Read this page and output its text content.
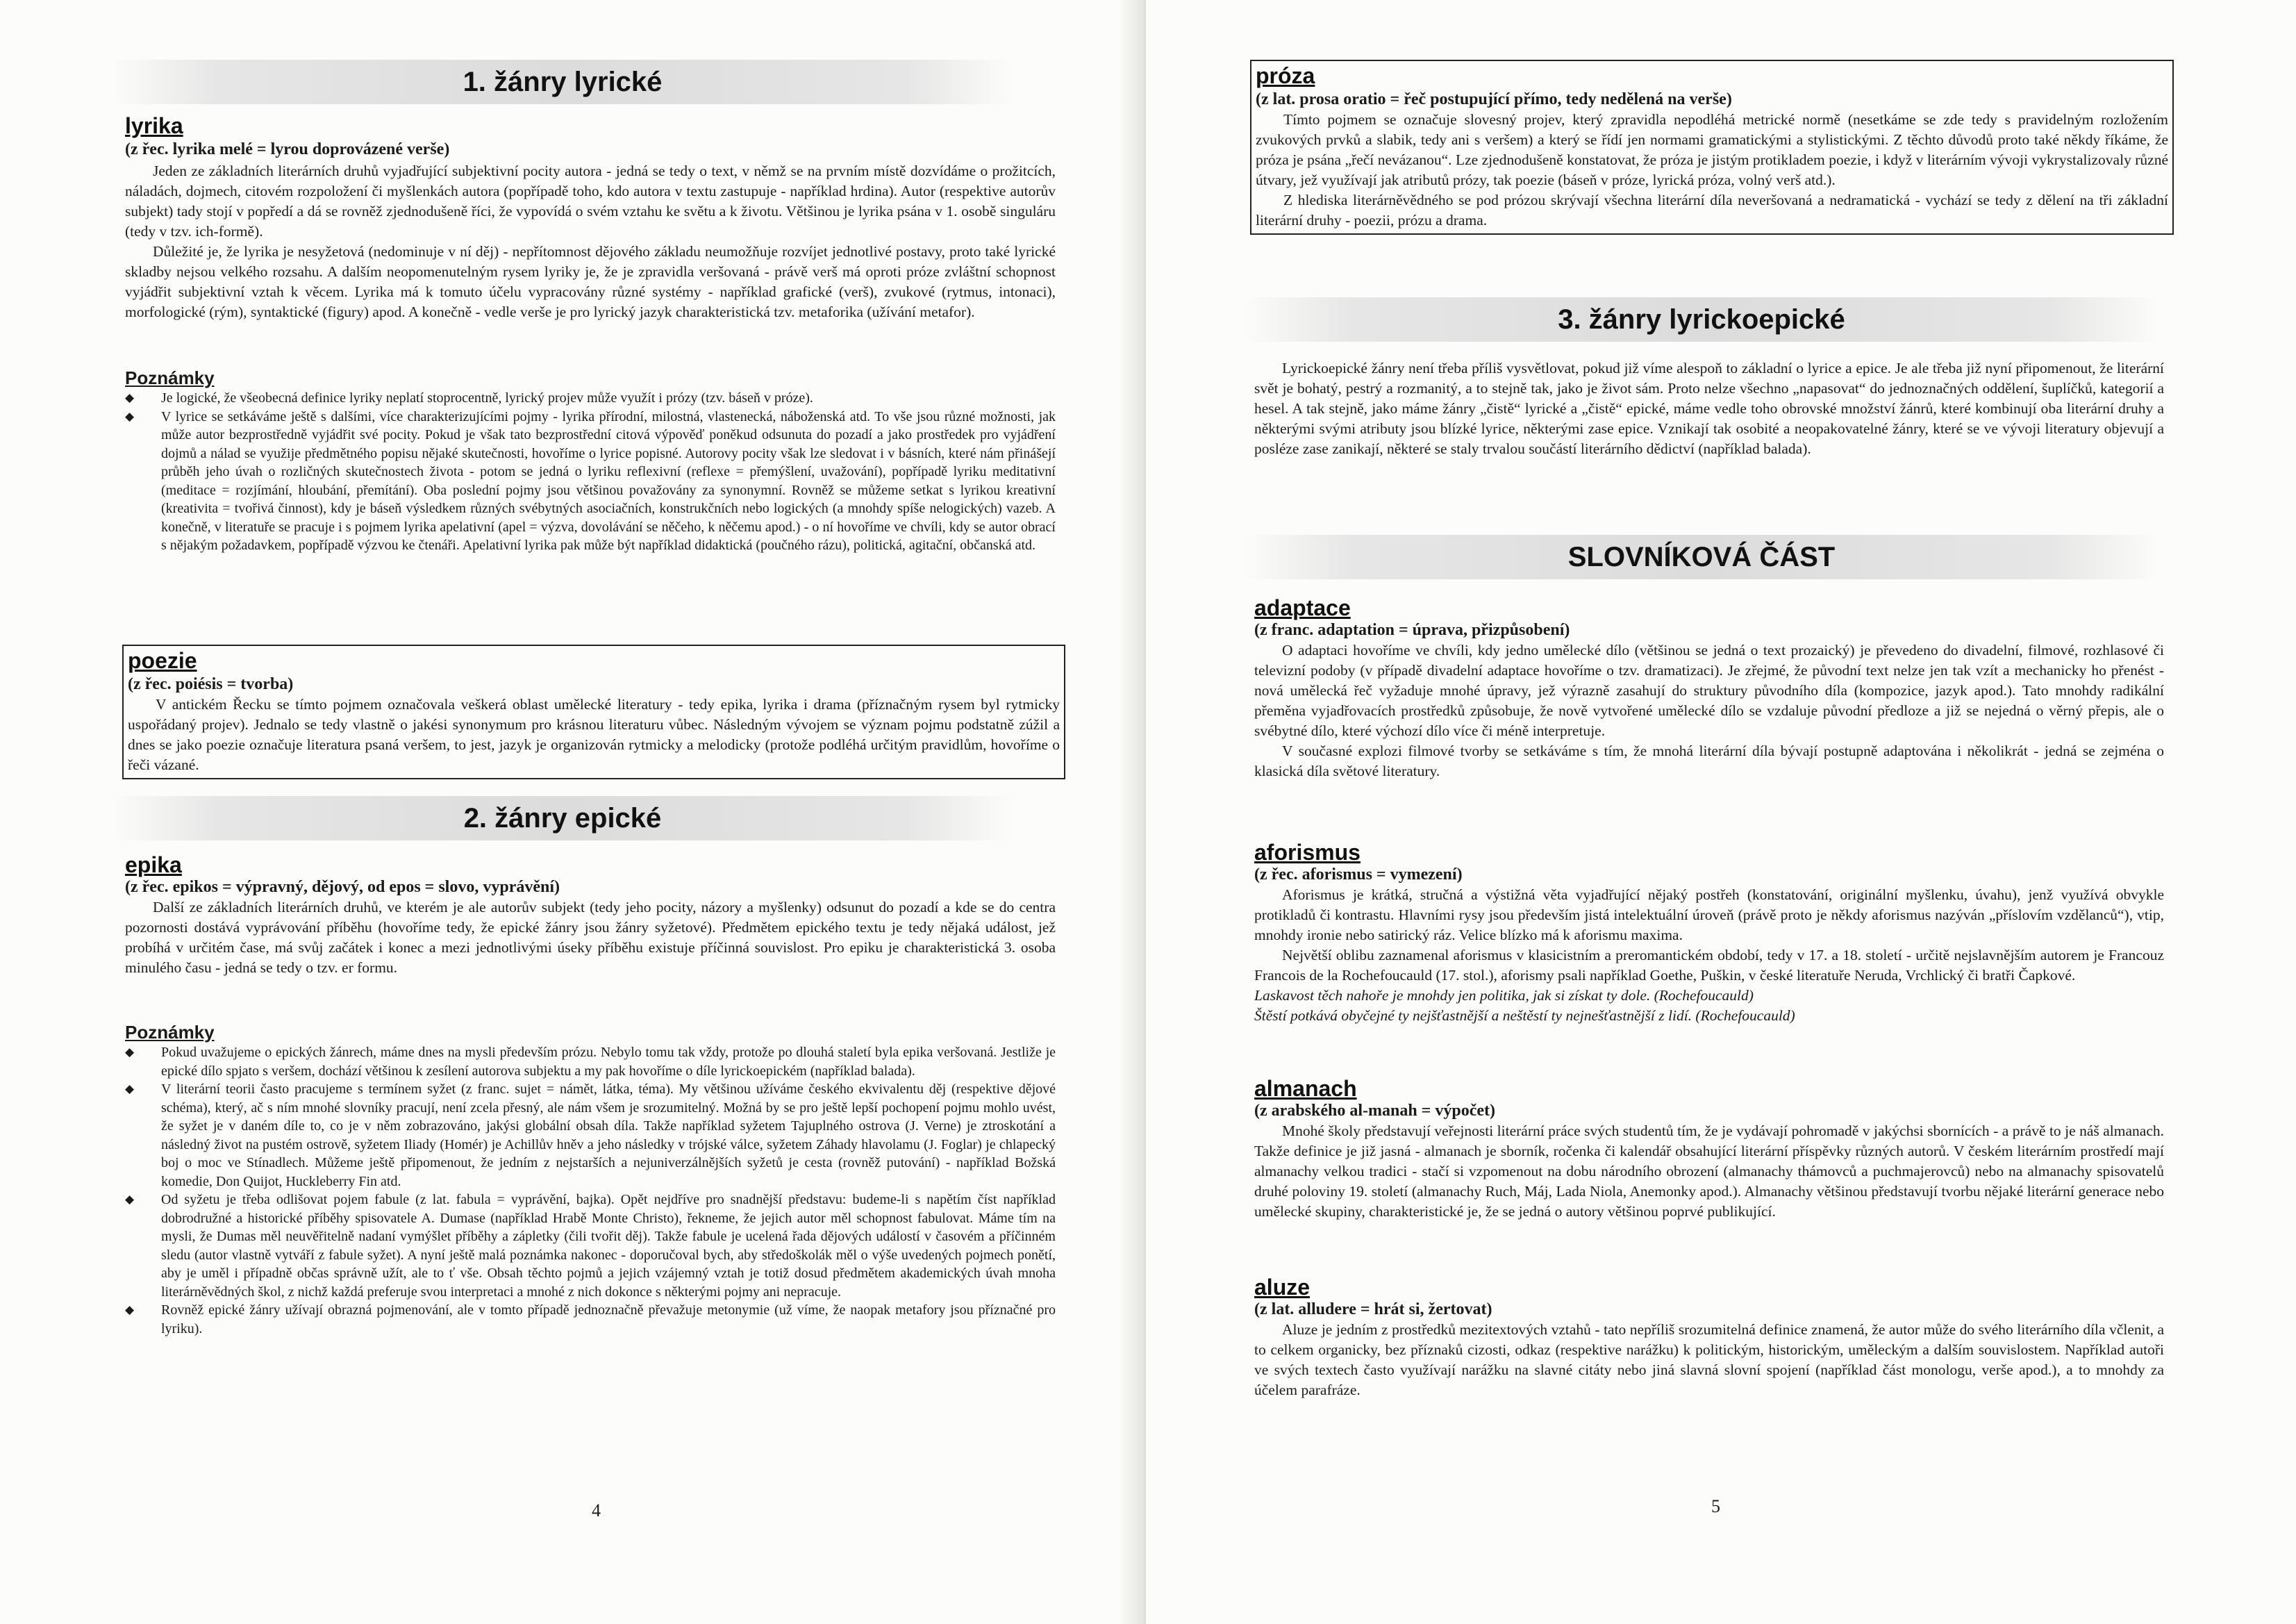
1. žánry lyrické
lyrika
(z řec. lyrika melé = lyrou doprovázené verše)

Jeden ze základních literárních druhů vyjadřující subjektivní pocity autora - jedná se tedy o text, v němž se na prvním místě dozvídáme o prožitcích, náladách, dojmech, citovém rozpoložení či myšlenkách autora (popřípadě toho, kdo autora v textu zastupuje - například hrdina). Autor (respektive autorův subjekt) tady stojí v popředí a dá se rovněž zjednodušeně říci, že vypovídá o svém vztahu ke světu a k životu. Většinou je lyrika psána v 1. osobě singuláru (tedy v tzv. ich-formě).

Důležité je, že lyrika je nesyžetová (nedominuje v ní děj) - nepřítomnost dějového základu neumožňuje rozvíjet jednotlivé postavy, proto také lyrické skladby nejsou velkého rozsahu. A dalším neopomenutelným rysem lyriky je, že je zpravidla veršovaná - právě verš má oproti próze zvláštní schopnost vyjádřit subjektivní vztah k věcem. Lyrika má k tomuto účelu vypracovány různé systémy - například grafické (verš), zvukové (rytmus, intonaci), morfologické (rým), syntaktické (figury) apod. A konečně - vedle verše je pro lyrický jazyk charakteristická tzv. metaforika (užívání metafor).

Poznámky
◆ Je logické, že všeobecná definice lyriky neplatí stoprocentně, lyrický projev může využít i prózy (tzv. báseň v próze).
◆ V lyrice se setkáváme ještě s dalšími, více charakterizujícími pojmy - lyrika přírodní, milostná, vlastenecká, náboženská atd. To vše jsou různé možnosti, jak může autor bezprostředně vyjádřit své pocity. Pokud je však tato bezprostřední citová výpověď poněkud odsunuta do pozadí a jako prostředek pro vyjádření dojmů a nálad se využije předmětného popisu nějaké skutečnosti, hovoříme o lyrice popisné. Autorovy pocity však lze sledovat i v básních, které nám přinášejí průběh jeho úvah o rozličných skutečnostech života - potom se jedná o lyriku reflexivní (reflexe = přemýšlení, uvažování), popřípadě lyriku meditativní (meditace = rozjímání, hloubání, přemítání). Oba poslední pojmy jsou většinou považovány za synonymní. Rovněž se můžeme setkat s lyrikou kreativní (kreativita = tvořivá činnost), kdy je báseň výsledkem různých svébytných asociačních, konstrukčních nebo logických (a mnohdy spíše nelogických) vazeb. A konečně, v literatuře se pracuje i s pojmem lyrika apelativní (apel = výzva, dovolávání se něčeho, k něčemu apod.) - o ní hovoříme ve chvíli, kdy se autor obrací s nějakým požadavkem, popřípadě výzvou ke čtenáři. Apelativní lyrika pak může být například didaktická (poučného rázu), politická, agitační, občanská atd.
poezie
(z řec. poiésis = tvorba)

V antickém Řecku se tímto pojmem označovala veškerá oblast umělecké literatury - tedy epika, lyrika i drama (příznačným rysem byl rytmicky uspořádaný projev). Jednalo se tedy vlastně o jakési synonymum pro krásnou literaturu vůbec. Následným vývojem se význam pojmu podstatně zúžil a dnes se jako poezie označuje literatura psaná veršem, to jest, jazyk je organizován rytmicky a melodicky (protože podléhá určitým pravidlům, hovoříme o řeči vázané.

2. žánry epické
epika
(z řec. epikos = výpravný, dějový, od epos = slovo, vyprávění)

Další ze základních literárních druhů, ve kterém je ale autorův subjekt (tedy jeho pocity, názory a myšlenky) odsunut do pozadí a kde se do centra pozornosti dostává vyprávování příběhu (hovoříme tedy, že epické žánry jsou žánry syžetové). Předmětem epického textu je tedy nějaká událost, jež probíhá v určitém čase, má svůj začátek i konec a mezi jednotlivými úseky příběhu existuje příčinná souvislost. Pro epiku je charakteristická 3. osoba minulého času - jedná se tedy o tzv. er formu.

Poznámky
◆ Pokud uvažujeme o epických žánrech, máme dnes na mysli především prózu. Nebylo tomu tak vždy, protože po dlouhá staletí byla epika veršovaná. Jestliže je epické dílo spjato s veršem, dochází většinou k zesílení autorova subjektu a my pak hovoříme o díle lyrickoepickém (například balada).
◆ V literární teorii často pracujeme s termínem syžet (z franc. sujet = námět, látka, téma). My většinou užíváme českého ekvivalentu děj (respektive dějové schéma), který, ač s ním mnohé slovníky pracují, není zcela přesný, ale nám všem je srozumitelný. Možná by se pro ještě lepší pochopení pojmu mohlo uvést, že syžet je v daném díle to, co je v něm zobrazováno, jakýsi globální obsah díla. Takže například syžetem Tajuplného ostrova (J. Verne) je ztroskotání a následný život na pustém ostrově, syžetem Iliady (Homér) je Achillův hněv a jeho následky v trójské válce, syžetem Záhady hlavolamu (J. Foglar) je chlapecký boj o moc ve Stínadlech. Můžeme ještě připomenout, že jedním z nejstarších a nejuniverzálnějších syžetů je cesta (rovněž putování) - například Božská komedie, Don Quijot, Huckleberry Fin atd.
◆ Od syžetu je třeba odlišovat pojem fabule (z lat. fabula = vyprávění, bajka). Opět nejdříve pro snadnější představu: budeme-li s napětím číst například dobrodružné a historické příběhy spisovatele A. Dumase (například Hrabě Monte Christo), řekneme, že jejich autor měl schopnost fabulovat. Máme tím na mysli, že Dumas měl neuvěřitelně nadaní vymýšlet příběhy a zápletky (čili tvořit děj). Takže fabule je ucelená řada dějových událostí v časovém a příčinném sledu (autor vlastně vytváří z fabule syžet). A nyní ještě malá poznámka nakonec - doporučoval bych, aby středoškolák měl o výše uvedených pojmech ponětí, aby je uměl i případně občas správně užít, ale to ť vše. Obsah těchto pojmů a jejich vzájemný vztah je totiž dosud předmětem akademických úvah mnoha literárněvědných škol, z nichž každá preferuje svou interpretaci a mnohé z nich dokonce s některými pojmy ani nepracuje.
◆ Rovněž epické žánry užívají obrazná pojmenování, ale v tomto případě jednoznačně převažuje metonymie (už víme, že naopak metafory jsou příznačné pro lyriku).
4
próza
(z lat. prosa oratio = řeč postupující přímo, tedy nedělená na verše)

Tímto pojmem se označuje slovesný projev, který zpravidla nepodléhá metrické normě (nesetkáme se zde tedy s pravidelným rozložením zvukových prvků a slabik, tedy ani s veršem) a který se řídí jen normami gramatickými a stylistickými. Z těchto důvodů proto také někdy říkáme, že próza je psána „řečí nevázanou“. Lze zjednodušeně konstatovat, že próza je jistým protikladem poezie, i když v literárním vývoji vykrystalizovaly různé útvary, jež využívají jak atributů prózy, tak poezie (báseň v próze, lyrická próza, volný verš atd.).

Z hlediska literárněvědného se pod prózou skrývají všechna literární díla neveršovaná a nedramatická - vychází se tedy z dělení na tři základní literární druhy - poezii, prózu a drama.

3. žánry lyrickoepické

Lyrickoepické žánry není třeba příliš vysvětlovat, pokud již víme alespoň to základní o lyrice a epice. Je ale třeba již nyní připomenout, že literární svět je bohatý, pestrý a rozmanitý, a to stejně tak, jako je život sám. Proto nelze všechno „napasovat“ do jednoznačných oddělení, šuplíčků, kategorií a hesel. A tak stejně, jako máme žánry „čistě“ lyrické a „čistě“ epické, máme vedle toho obrovské množství žánrů, které kombinují oba literární druhy a některými svými atributy jsou blízké lyrice, některými zase epice. Vznikají tak osobité a neopakovatelné žánry, které se ve vývoji literatury objevují a posléze zase zanikají, některé se staly trvalou součástí literárního dědictví (například balada).

SLOVNÍKOVÁ ČÁST
adaptace
(z franc. adaptation = úprava, přizpůsobení)

O adaptaci hovoříme ve chvíli, kdy jedno umělecké dílo (většinou se jedná o text prozaický) je převedeno do divadelní, filmové, rozhlasové či televizní podoby (v případě divadelní adaptace hovoříme o tzv. dramatizaci). Je zřejmé, že původní text nelze jen tak vzít a mechanicky ho přenést - nová umělecká řeč vyžaduje mnohé úpravy, jež výrazně zasahují do struktury původního díla (kompozice, jazyk apod.). Tato mnohdy radikální přeměna vyjadřovacích prostředků způsobuje, že nově vytvořené umělecké dílo se vzdaluje původní předloze a již se nejedná o věrný přepis, ale o svébytné dílo, které výchozí dílo více či méně interpretuje.

V současné explozi filmové tvorby se setkáváme s tím, že mnohá literární díla bývají postupně adaptována i několikrát - jedná se zejména o klasická díla světové literatury.

aforismus
(z řec. aforismus = vymezení)

Aforismus je krátká, stručná a výstižná věta vyjadřující nějaký postřeh (konstatování, originální myšlenku, úvahu), jenž využívá obvykle protikladů či kontrastu. Hlavními rysy jsou především jistá intelektuální úroveň (právě proto je někdy aforismus nazýván „příslovím vzdělanců“), vtip, mnohdy ironie nebo satirický ráz. Velice blízko má k aforismu maxima.

Největší oblibu zaznamenal aforismus v klasicistním a preromantickém období, tedy v 17. a 18. století - určitě nejslavnějším autorem je Francouz Francois de la Rochefoucauld (17. stol.), aforismy psali například Goethe, Puškin, v české literatuře Neruda, Vrchlický či bratři Čapkové.

Laskavost těch nahoře je mnohdy jen politika, jak si získat ty dole. (Rochefoucauld)

Štěstí potkává obyčejné ty nejšťastnější a neštěstí ty nejnešťastnější z lidí. (Rochefoucauld)

almanach
(z arabského al-manah = výpočet)

Mnohé školy představují veřejnosti literární práce svých studentů tím, že je vydávají pohromadě v jakýchsi sbornících - a právě to je náš almanach. Takže definice je již jasná - almanach je sborník, ročenka či kalendář obsahující literární příspěvky různých autorů. V českém literárním prostředí mají almanachy velkou tradici - stačí si vzpomenout na dobu národního obrození (almanachy thámovců a puchmajerovců) nebo na almanachy spisovatelů druhé poloviny 19. století (almanachy Ruch, Máj, Lada Niola, Anemonky apod.). Almanachy většinou představují tvorbu nějaké literární generace nebo umělecké skupiny, charakteristické je, že se jedná o autory většinou poprvé publikující.

aluze
(z lat. alludere = hrát si, žertovat)

Aluze je jedním z prostředků mezitextových vztahů - tato nepříliš srozumitelná definice znamená, že autor může do svého literárního díla včlenit, a to celkem organicky, bez příznaků cizosti, odkaz (respektive narážku) k politickým, historickým, uměleckým a dalším souvislostem. Například autoři ve svých textech často využívají narážku na slavné citáty nebo jiná slavná slovní spojení (například část monologu, verše apod.), a to mnohdy za účelem parafráze.

5
